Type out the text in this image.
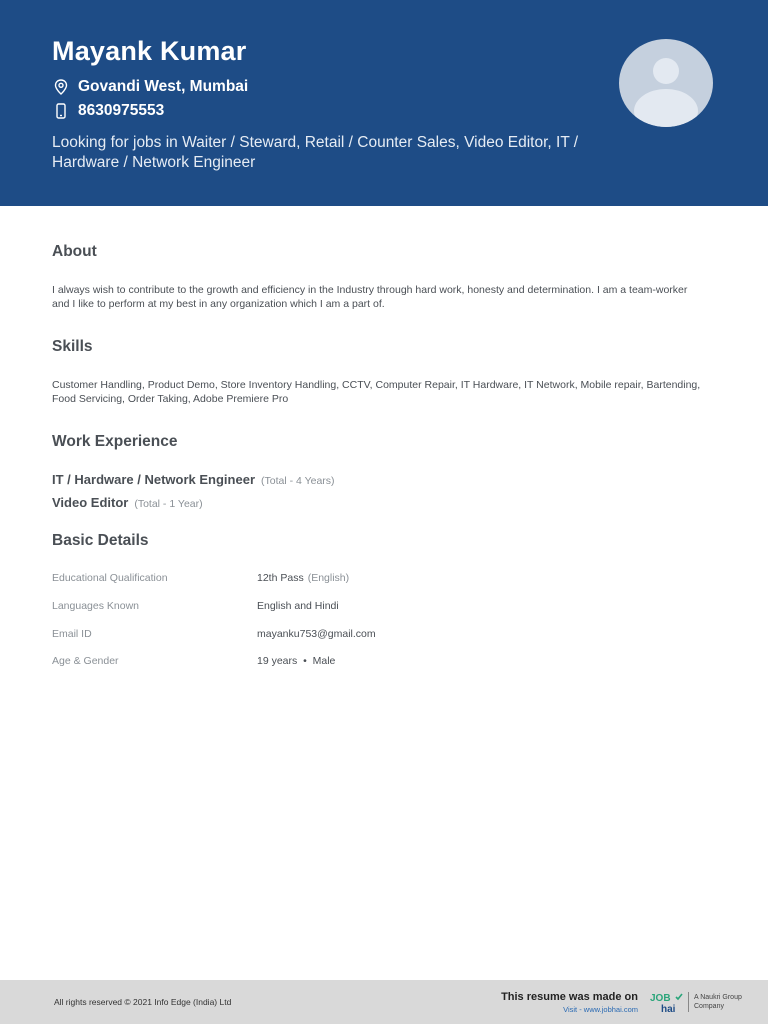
Mayank Kumar
Govandi West, Mumbai
8630975553
Looking for jobs in Waiter / Steward, Retail / Counter Sales, Video Editor, IT / Hardware / Network Engineer
About
I always wish to contribute to the growth and efficiency in the Industry through hard work, honesty and determination. I am a team-worker and I like to perform at my best in any organization which I am a part of.
Skills
Customer Handling, Product Demo, Store Inventory Handling, CCTV, Computer Repair, IT Hardware, IT Network, Mobile repair, Bartending, Food Servicing, Order Taking, Adobe Premiere Pro
Work Experience
IT / Hardware / Network Engineer (Total - 4 Years)
Video Editor (Total - 1 Year)
Basic Details
Educational Qualification	12th Pass (English)
Languages Known	English and Hindi
Email ID	mayanku753@gmail.com
Age & Gender	19 years  •  Male
All rights reserved © 2021 Info Edge (India) Ltd	This resume was made on
Visit - www.jobhai.com
JOB
hai
A Naukri Group Company
